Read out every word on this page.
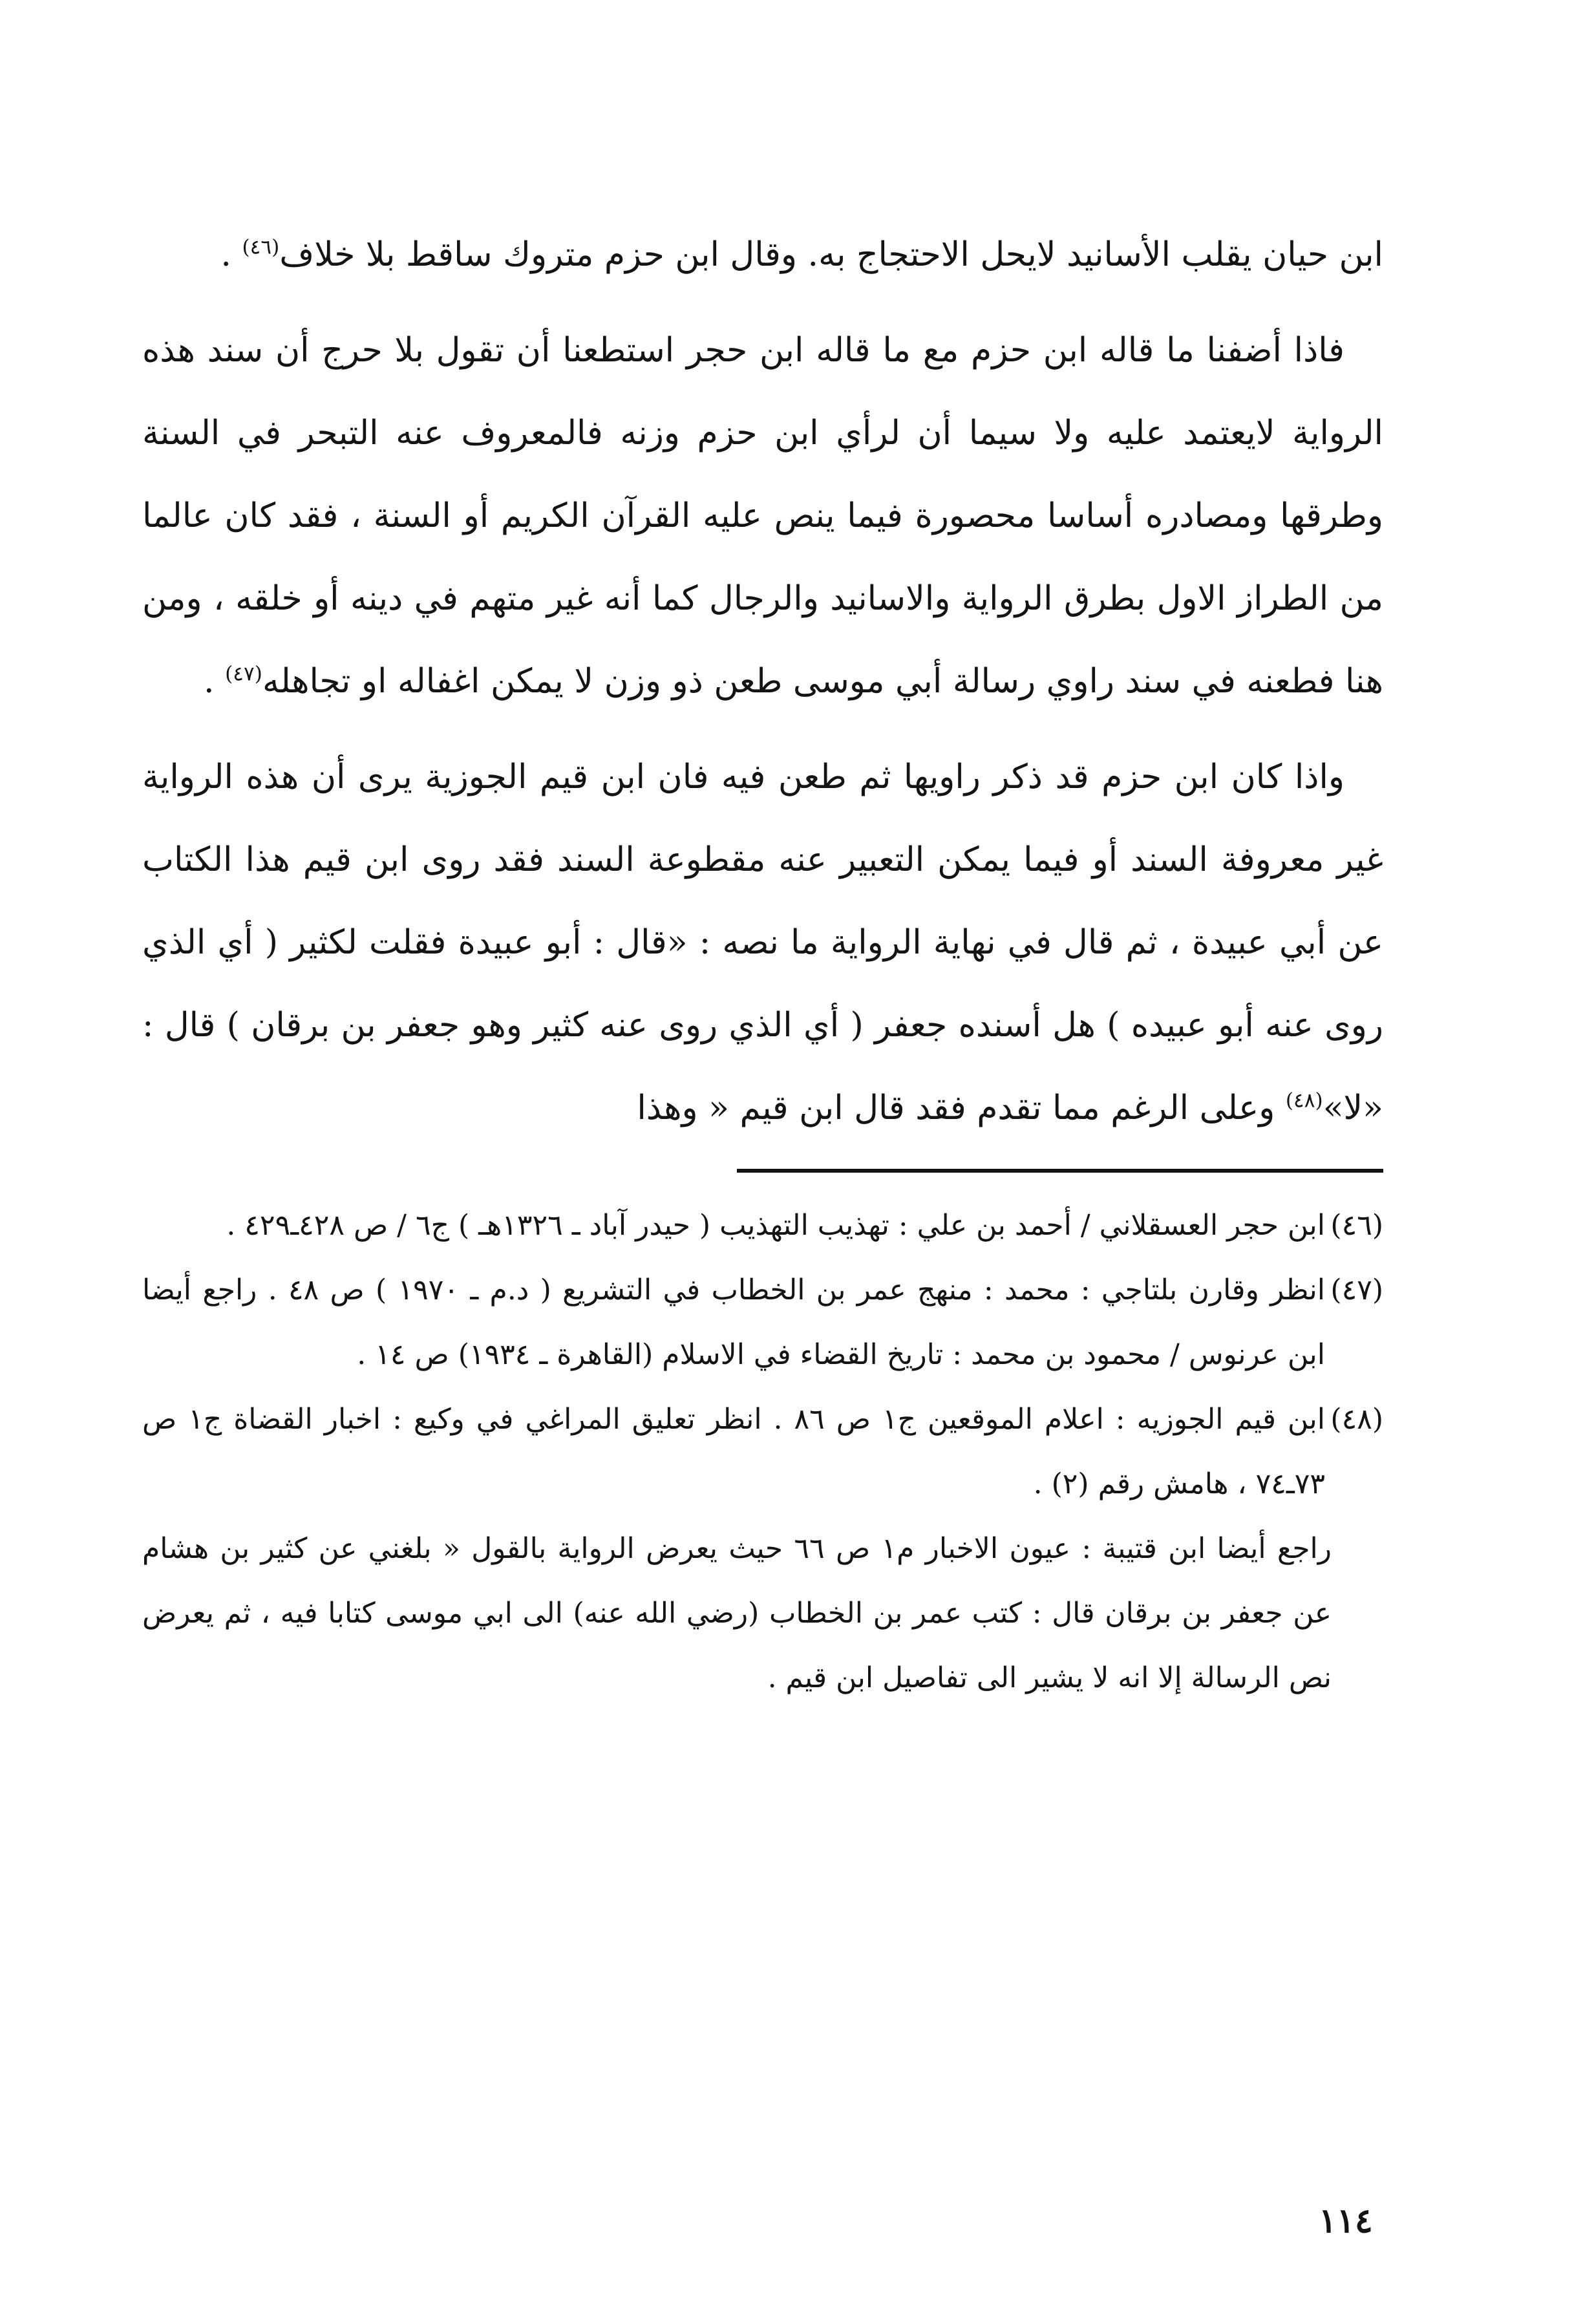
ابن حيان يقلب الأسانيد لايحل الاحتجاج به. وقال ابن حزم متروك ساقط بلا خلاف$^{(٤٦)}$ .

فاذا أضفنا ما قاله ابن حزم مع ما قاله ابن حجر استطعنا أن تقول بلا حرج أن سند هذه الرواية لايعتمد عليه ولا سيما أن لرأي ابن حزم وزنه فالمعروف عنه التبحر في السنة وطرقها ومصادره أساسا محصورة فيما ينص عليه القرآن الكريم أو السنة ، فقد كان عالما من الطراز الاول بطرق الرواية والاسانيد والرجال كما أنه غير متهم في دينه أو خلقه ، ومن هنا فطعنه في سند راوي رسالة أبي موسى طعن ذو وزن لا يمكن اغفاله او تجاهله$^{(٤٧)}$ .

واذا كان ابن حزم قد ذكر راويها ثم طعن فيه فان ابن قيم الجوزية يرى أن هذه الرواية غير معروفة السند أو فيما يمكن التعبير عنه مقطوعة السند فقد روى ابن قيم هذا الكتاب عن أبي عبيدة ، ثم قال في نهاية الرواية ما نصه : «قال : أبو عبيدة فقلت لكثير ( أي الذي روى عنه أبو عبيده ) هل أسنده جعفر ( أي الذي روى عنه كثير وهو جعفر بن برقان ) قال : «لا»$^{(٤٨)}$ وعلى الرغم مما تقدم فقد قال ابن قيم « وهذا

(٤٦)

ابن حجر العسقلاني / أحمد بن علي : تهذيب التهذيب ( حيدر آباد ـ ١٣٢٦هـ ) ج٦ / ص ٤٢٨ـ٤٢٩ .

(٤٧)

انظر وقارن بلتاجي : محمد : منهج عمر بن الخطاب في التشريع ( د.م ـ ١٩٧٠ ) ص ٤٨ . راجع أيضا ابن عرنوس / محمود بن محمد : تاريخ القضاء في الاسلام (القاهرة ـ ١٩٣٤) ص ١٤ .

(٤٨)

ابن قيم الجوزيه : اعلام الموقعين ج١ ص ٨٦ . انظر تعليق المراغي في وكيع : اخبار القضاة ج١ ص ٧٣ـ٧٤ ، هامش رقم (٢) .

راجع أيضا ابن قتيبة : عيون الاخبار م١ ص ٦٦ حيث يعرض الرواية بالقول « بلغني عن كثير بن هشام عن جعفر بن برقان قال : كتب عمر بن الخطاب (رضي الله عنه) الى ابي موسى كتابا فيه ، ثم يعرض نص الرسالة إلا انه لا يشير الى تفاصيل ابن قيم .

١١٤
